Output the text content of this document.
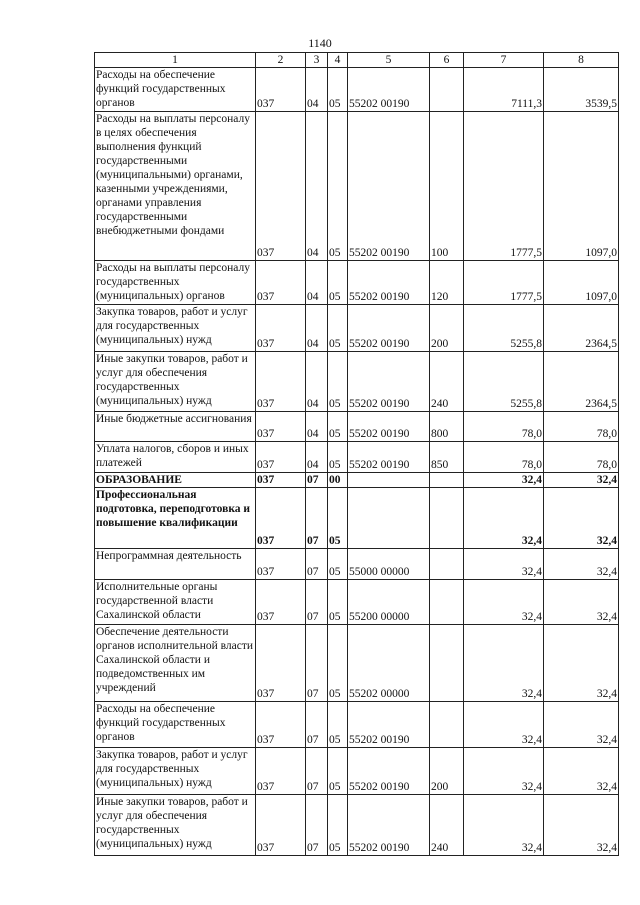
1140
1	2	3	4	5	6	7	8
Расходы на обеспечение функций государственных органов	037	04	05	55202 00190		7111,3	3539,5
Расходы на выплаты персоналу в целях обеспечения выполнения функций государственными (муниципальными) органами, казенными учреждениями, органами управления государственными внебюджетными фондами	037	04	05	55202 00190	100	1777,5	1097,0
Расходы на выплаты персоналу государственных (муниципальных) органов	037	04	05	55202 00190	120	1777,5	1097,0
Закупка товаров, работ и услуг для государственных (муниципальных) нужд	037	04	05	55202 00190	200	5255,8	2364,5
Иные закупки товаров, работ и услуг для обеспечения государственных (муниципальных) нужд	037	04	05	55202 00190	240	5255,8	2364,5
Иные бюджетные ассигнования	037	04	05	55202 00190	800	78,0	78,0
Уплата налогов, сборов и иных платежей	037	04	05	55202 00190	850	78,0	78,0
ОБРАЗОВАНИЕ	037	07	00			32,4	32,4
Профессиональная подготовка, переподготовка и повышение квалификации	037	07	05			32,4	32,4
Непрограммная деятельность	037	07	05	55000 00000		32,4	32,4
Исполнительные органы государственной власти Сахалинской области	037	07	05	55200 00000		32,4	32,4
Обеспечение деятельности органов исполнительной власти Сахалинской области и подведомственных им учреждений	037	07	05	55202 00000		32,4	32,4
Расходы на обеспечение функций государственных органов	037	07	05	55202 00190		32,4	32,4
Закупка товаров, работ и услуг для государственных (муниципальных) нужд	037	07	05	55202 00190	200	32,4	32,4
Иные закупки товаров, работ и услуг для обеспечения государственных (муниципальных) нужд	037	07	05	55202 00190	240	32,4	32,4
